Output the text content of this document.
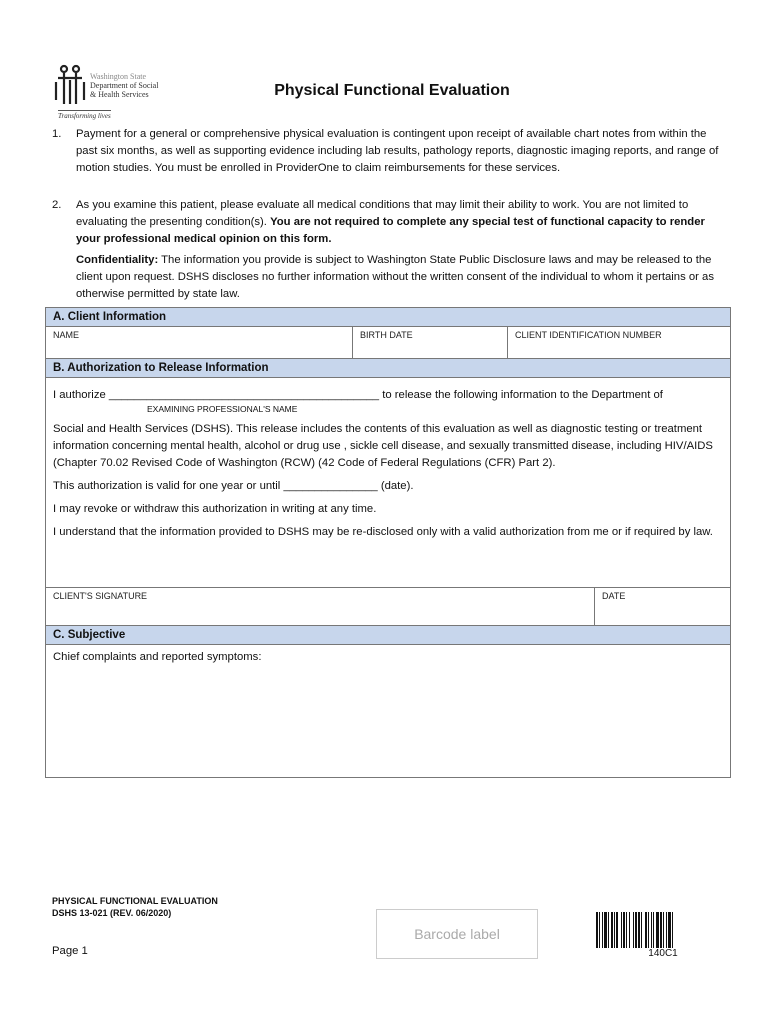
Washington State
Department of Social
& Health Services
Transforming lives
Physical Functional Evaluation
1. Payment for a general or comprehensive physical evaluation is contingent upon receipt of available chart notes from within the past six months, as well as supporting evidence including lab results, pathology reports, diagnostic imaging reports, and range of motion studies. You must be enrolled in ProviderOne to claim reimbursements for these services.
2. As you examine this patient, please evaluate all medical conditions that may limit their ability to work. You are not limited to evaluating the presenting condition(s). You are not required to complete any special test of functional capacity to render your professional medical opinion on this form.
Confidentiality: The information you provide is subject to Washington State Public Disclosure laws and may be released to the client upon request. DSHS discloses no further information without the written consent of the individual to whom it pertains or as otherwise permitted by state law.
A. Client Information
NAME	BIRTH DATE	CLIENT IDENTIFICATION NUMBER
B. Authorization to Release Information
I authorize ___________________________________________ to release the following information to the Department of
EXAMINING PROFESSIONAL'S NAME
Social and Health Services (DSHS). This release includes the contents of this evaluation as well as diagnostic testing or treatment information concerning mental health, alcohol or drug use , sickle cell disease, and sexually transmitted disease, including HIV/AIDS (Chapter 70.02 Revised Code of Washington (RCW) (42 Code of Federal Regulations (CFR) Part 2).
This authorization is valid for one year or until _______________ (date).
I may revoke or withdraw this authorization in writing at any time.
I understand that the information provided to DSHS may be re-disclosed only with a valid authorization from me or if required by law.
CLIENT'S SIGNATURE	DATE
C. Subjective
Chief complaints and reported symptoms:
PHYSICAL FUNCTIONAL EVALUATION
DSHS 13-021 (REV. 06/2020)
Page 1
Barcode label
140C1
